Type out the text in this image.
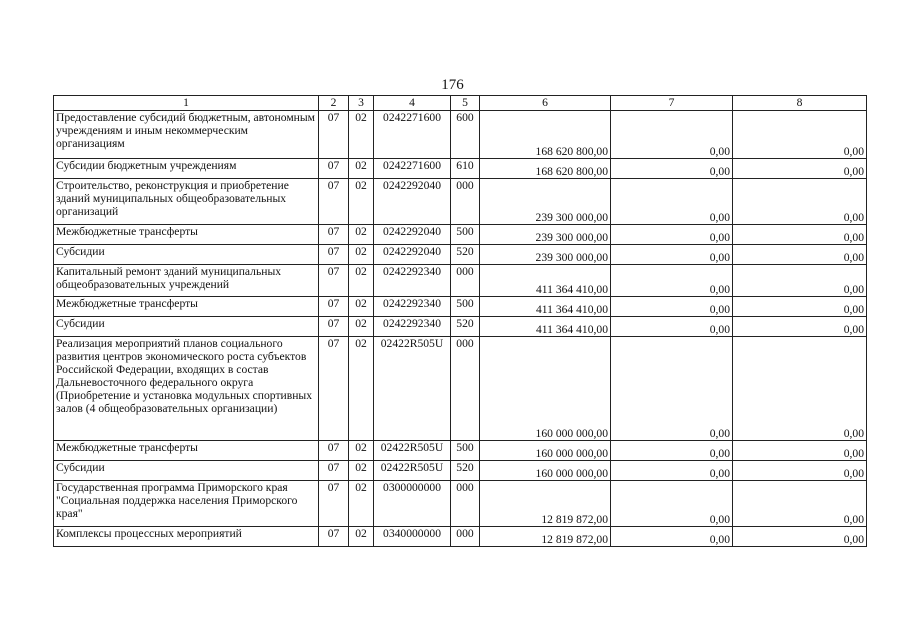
176
1	2	3	4	5	6	7	8
Предоставление субсидий бюджетным, автономным учреждениям и иным некоммерческим организациям	07	02	0242271600	600	168 620 800,00	0,00	0,00
Субсидии бюджетным учреждениям	07	02	0242271600	610	168 620 800,00	0,00	0,00
Строительство, реконструкция и приобретение зданий муниципальных общеобразовательных организаций	07	02	0242292040	000	239 300 000,00	0,00	0,00
Межбюджетные трансферты	07	02	0242292040	500	239 300 000,00	0,00	0,00
Субсидии	07	02	0242292040	520	239 300 000,00	0,00	0,00
Капитальный ремонт зданий муниципальных общеобразовательных учреждений	07	02	0242292340	000	411 364 410,00	0,00	0,00
Межбюджетные трансферты	07	02	0242292340	500	411 364 410,00	0,00	0,00
Субсидии	07	02	0242292340	520	411 364 410,00	0,00	0,00
Реализация мероприятий планов социального развития центров экономического роста субъектов Российской Федерации, входящих в состав Дальневосточного федерального округа (Приобретение и установка модульных спортивных залов (4 общеобразовательных организации)	07	02	02422R505U	000	160 000 000,00	0,00	0,00
Межбюджетные трансферты	07	02	02422R505U	500	160 000 000,00	0,00	0,00
Субсидии	07	02	02422R505U	520	160 000 000,00	0,00	0,00
Государственная программа Приморского края "Социальная поддержка населения Приморского края"	07	02	0300000000	000	12 819 872,00	0,00	0,00
Комплексы процессных мероприятий	07	02	0340000000	000	12 819 872,00	0,00	0,00
